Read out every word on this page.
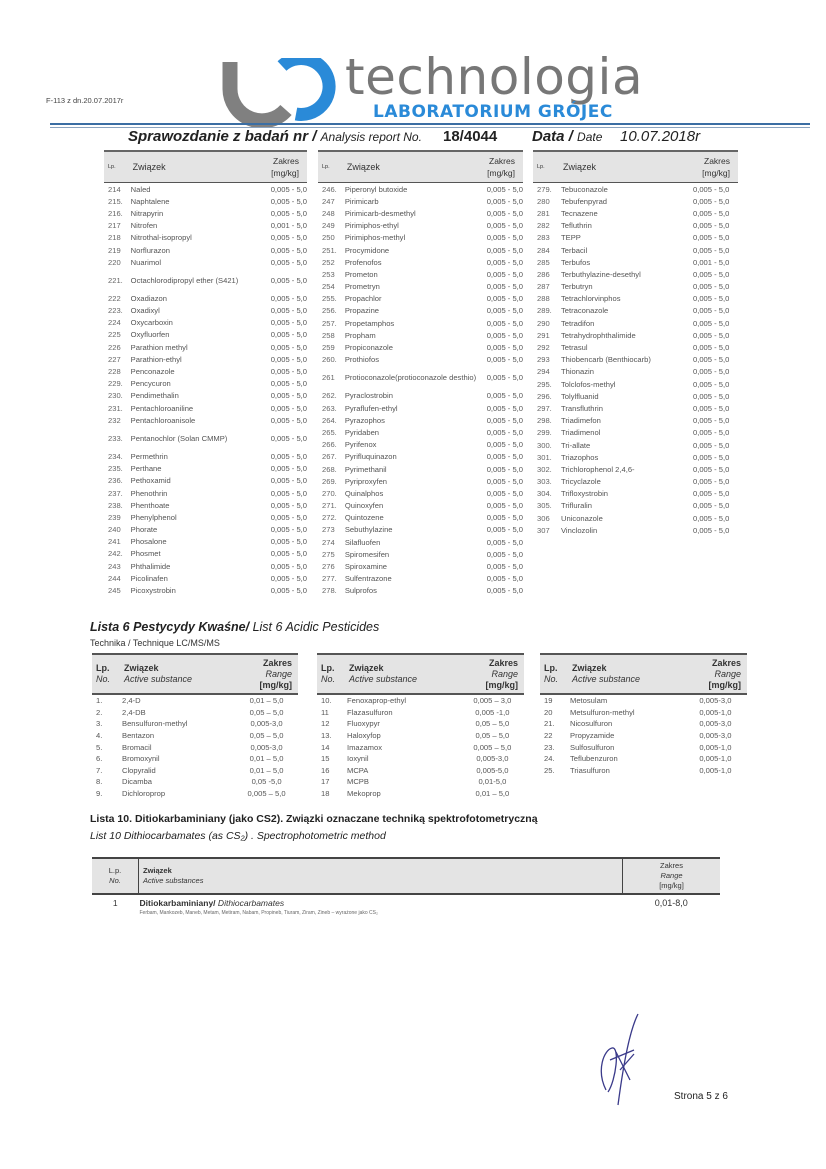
F-113 z dn.20.07.2017r	technologia
LABORATORIUM GRÓJEC
Sprawozdanie z badań nr / Analysis report No. 18/4044 Data / Date 10.07.2018r
Lp.	Związek	Zakres
[mg/kg]
214	Naled	0,005 - 5,0
215.	Naphtalene	0,005 - 5,0
216.	Nitrapyrin	0,005 - 5,0
217	Nitrofen	0,001 - 5,0
218	Nitrothal-isopropyl	0,005 - 5,0
219	Norflurazon	0,005 - 5,0
220	Nuarimol	0,005 - 5,0
221.	Octachlorodipropyl ether (S421)	0,005 - 5,0
222	Oxadiazon	0,005 - 5,0
223.	Oxadixyl	0,005 - 5,0
224	Oxycarboxin	0,005 - 5,0
225	Oxyfluorfen	0,005 - 5,0
226	Parathion methyl	0,005 - 5,0
227	Parathion-ethyl	0,005 - 5,0
228	Penconazole	0,005 - 5,0
229.	Pencycuron	0,005 - 5,0
230.	Pendimethalin	0,005 - 5,0
231.	Pentachloroaniline	0,005 - 5,0
232	Pentachloroanisole	0,005 - 5,0
233.	Pentanochlor (Solan CMMP)	0,005 - 5,0
234.	Permethrin	0,005 - 5,0
235.	Perthane	0,005 - 5,0
236.	Pethoxamid	0,005 - 5,0
237.	Phenothrin	0,005 - 5,0
238.	Phenthoate	0,005 - 5,0
239	Phenylphenol	0,005 - 5,0
240	Phorate	0,005 - 5,0
241	Phosalone	0,005 - 5,0
242.	Phosmet	0,005 - 5,0
243	Phthalimide	0,005 - 5,0
244	Picolinafen	0,005 - 5,0
245	Picoxystrobin	0,005 - 5,0
Lp.	Związek	Zakres
[mg/kg]
246.	Piperonyl butoxide	0,005 - 5,0
247	Pirimicarb	0,005 - 5,0
248	Pirimicarb-desmethyl	0,005 - 5,0
249	Pirimiphos-ethyl	0,005 - 5,0
250	Pirimiphos-methyl	0,005 - 5,0
251.	Procymidone	0,005 - 5,0
252	Profenofos	0,005 - 5,0
253	Prometon	0,005 - 5,0
254	Prometryn	0,005 - 5,0
255.	Propachlor	0,005 - 5,0
256.	Propazine	0,005 - 5,0
257.	Propetamphos	0,005 - 5,0
258	Propham	0,005 - 5,0
259	Propiconazole	0,005 - 5,0
260.	Prothiofos	0,005 - 5,0
261	Protioconazole(protioconazole desthio)	0,005 - 5,0
262.	Pyraclostrobin	0,005 - 5,0
263.	Pyraflufen-ethyl	0,005 - 5,0
264.	Pyrazophos	0,005 - 5,0
265.	Pyridaben	0,005 - 5,0
266.	Pyrifenox	0,005 - 5,0
267.	Pyrifluquinazon	0,005 - 5,0
268.	Pyrimethanil	0,005 - 5,0
269.	Pyriproxyfen	0,005 - 5,0
270.	Quinalphos	0,005 - 5,0
271.	Quinoxyfen	0,005 - 5,0
272.	Quintozene	0,005 - 5,0
273	Sebuthylazine	0,005 - 5,0
274	Silafluofen	0,005 - 5,0
275	Spiromesifen	0,005 - 5,0
276	Spiroxamine	0,005 - 5,0
277.	Sulfentrazone	0,005 - 5,0
278.	Sulprofos	0,005 - 5,0
Lp.	Związek	Zakres
[mg/kg]
279.	Tebuconazole	0,005 - 5,0
280	Tebufenpyrad	0,005 - 5,0
281	Tecnazene	0,005 - 5,0
282	Tefluthrin	0,005 - 5,0
283	TEPP	0,005 - 5,0
284	Terbacil	0,005 - 5,0
285	Terbufos	0,001 - 5,0
286	Terbuthylazine-desethyl	0,005 - 5,0
287	Terbutryn	0,005 - 5,0
288	Tetrachlorvinphos	0,005 - 5,0
289.	Tetraconazole	0,005 - 5,0
290	Tetradifon	0,005 - 5,0
291	Tetrahydrophthalimide	0,005 - 5,0
292	Tetrasul	0,005 - 5,0
293	Thiobencarb (Benthiocarb)	0,005 - 5,0
294	Thionazin	0,005 - 5,0
295.	Tolclofos-methyl	0,005 - 5,0
296.	Tolylfluanid	0,005 - 5,0
297.	Transfluthrin	0,005 - 5,0
298.	Triadimefon	0,005 - 5,0
299.	Triadimenol	0,005 - 5,0
300.	Tri-allate	0,005 - 5,0
301.	Triazophos	0,005 - 5,0
302.	Trichlorophenol 2,4,6-	0,005 - 5,0
303.	Tricyclazole	0,005 - 5,0
304.	Trifloxystrobin	0,005 - 5,0
305.	Trifluralin	0,005 - 5,0
306	Uniconazole	0,005 - 5,0
307	Vinclozolin	0,005 - 5,0
Lista 6 Pestycydy Kwaśne/ List 6 Acidic Pesticides
Technika / Technique LC/MS/MS
Lp.
No.	Związek
Active substance	Zakres
Range
[mg/kg]
1.	2,4-D	0,01 – 5,0
2.	2,4-DB	0,05 – 5,0
3.	Bensulfuron-methyl	0,005-3,0
4.	Bentazon	0,05 – 5,0
5.	Bromacil	0,005-3,0
6.	Bromoxynil	0,01 – 5,0
7.	Clopyralid	0,01 – 5,0
8.	Dicamba	0,05 -5,0
9.	Dichloroprop	0,005 – 5,0
Lp.
No.	Związek
Active substance	Zakres
Range
[mg/kg]
10.	Fenoxaprop-ethyl	0,005 – 3,0
11	Flazasulfuron	0,005 -1,0
12	Fluoxypyr	0,05 – 5,0
13.	Haloxyfop	0,05 – 5,0
14	Imazamox	0,005 – 5,0
15	Ioxynil	0,005-3,0
16	MCPA	0,005-5,0
17	MCPB	0,01-5,0
18	Mekoprop	0,01 – 5,0
Lp.
No.	Związek
Active substance	Zakres
Range
[mg/kg]
19	Metosulam	0,005-3,0
20	Metsulfuron-methyl	0,005-1,0
21.	Nicosulfuron	0,005-3,0
22	Propyzamide	0,005-3,0
23.	Sulfosulfuron	0,005-1,0
24.	Teflubenzuron	0,005-1,0
25.	Triasulfuron	0,005-1,0
Lista 10. Ditiokarbaminiany (jako CS2). Związki oznaczane techniką spektrofotometryczną
List 10 Dithiocarbamates (as CS₂) . Spectrophotometric method
L.p.
No.	Związek
Active substances	Zakres
Range
[mg/kg]
1	Ditiokarbaminiany/ Dithiocarbamates
Ferbam, Mankozeb, Maneb, Metam, Metiram, Nabam, Propineb, Tiuram, Ziram, Zineb – wyrażone jako CS₂	0,01-8,0
Strona 5 z 6
